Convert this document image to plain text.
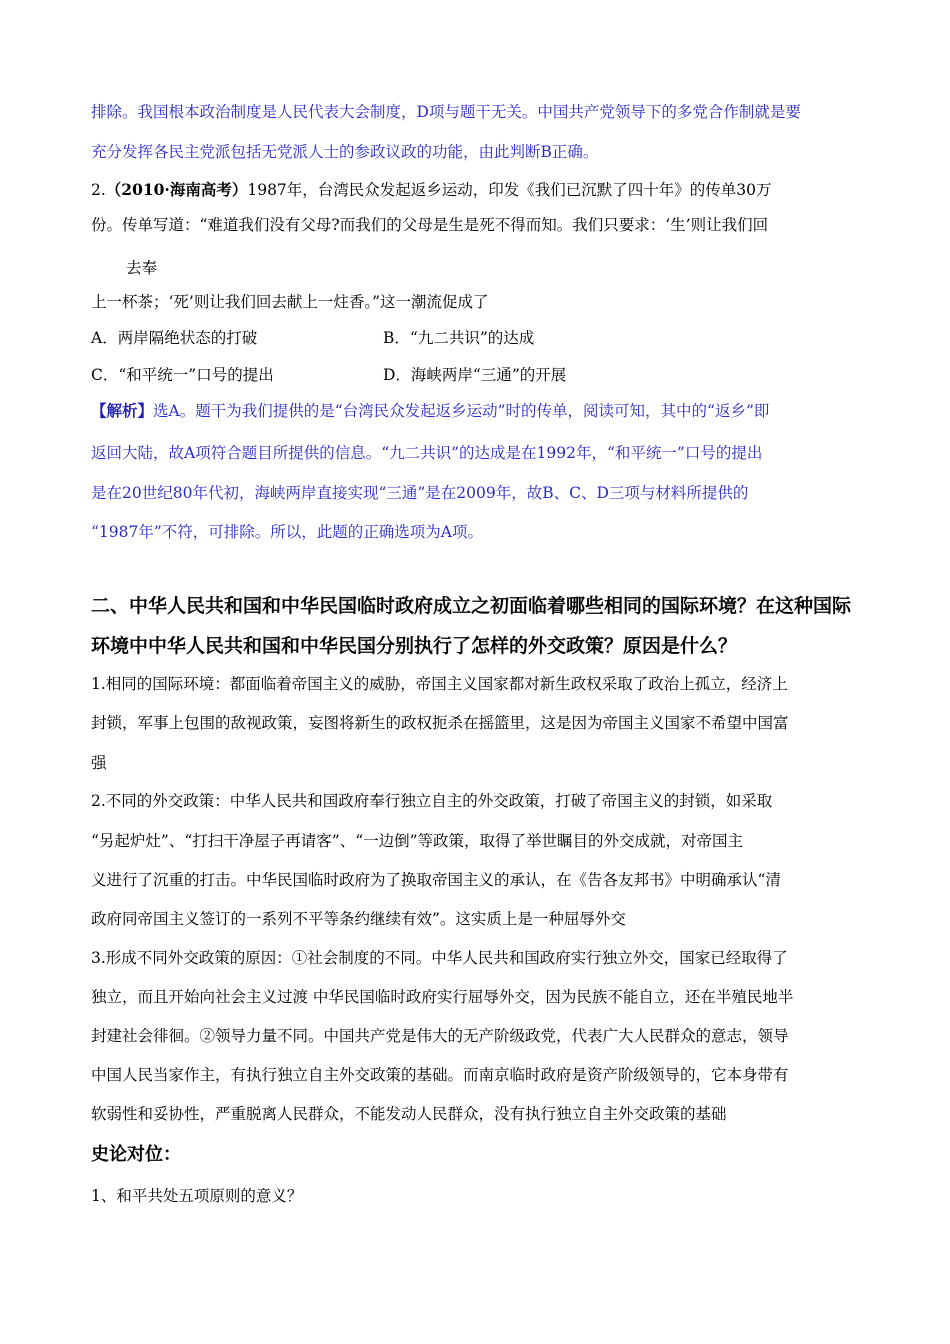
排除。我国根本政治制度是人民代表大会制度，D项与题干无关。中国共产党领导下的多党合作制就是要
充分发挥各民主党派包括无党派人士的参政议政的功能，由此判断B正确。
2.（2010·海南高考）1987年，台湾民众发起返乡运动，印发《我们已沉默了四十年》的传单30万
份。传单写道：“难道我们没有父母?而我们的父母是生是死不得而知。我们只要求：‘生’则让我们回
去奉
上一杯茶；‘死’则让我们回去献上一炷香。”这一潮流促成了
A．两岸隔绝状态的打破	B．“九二共识”的达成
C．“和平统一”口号的提出	D．海峡两岸“三通”的开展
【解析】选A。题干为我们提供的是“台湾民众发起返乡运动”时的传单，阅读可知，其中的“返乡”即
返回大陆，故A项符合题目所提供的信息。“九二共识”的达成是在1992年，“和平统一”口号的提出
是在20世纪80年代初，海峡两岸直接实现“三通”是在2009年，故B、C、D三项与材料所提供的
“1987年”不符，可排除。所以，此题的正确选项为A项。
二、中华人民共和国和中华民国临时政府成立之初面临着哪些相同的国际环境？在这种国际
环境中中华人民共和国和中华民国分别执行了怎样的外交政策？原因是什么？
1.相同的国际环境：都面临着帝国主义的威胁，帝国主义国家都对新生政权采取了政治上孤立，经济上
封锁，军事上包围的敌视政策，妄图将新生的政权扼杀在摇篮里，这是因为帝国主义国家不希望中国富
强
2.不同的外交政策：中华人民共和国政府奉行独立自主的外交政策，打破了帝国主义的封锁，如采取
“另起炉灶”、“打扫干净屋子再请客”、“一边倒”等政策，取得了举世瞩目的外交成就，对帝国主
义进行了沉重的打击。中华民国临时政府为了换取帝国主义的承认，在《告各友邦书》中明确承认“清
政府同帝国主义签订的一系列不平等条约继续有效”。这实质上是一种屈辱外交
3.形成不同外交政策的原因：①社会制度的不同。中华人民共和国政府实行独立外交，国家已经取得了
独立，而且开始向社会主义过渡 中华民国临时政府实行屈辱外交，因为民族不能自立，还在半殖民地半
封建社会徘徊。②领导力量不同。中国共产党是伟大的无产阶级政党，代表广大人民群众的意志，领导
中国人民当家作主，有执行独立自主外交政策的基础。而南京临时政府是资产阶级领导的，它本身带有
软弱性和妥协性，严重脱离人民群众，不能发动人民群众，没有执行独立自主外交政策的基础
史论对位：
1、和平共处五项原则的意义？
